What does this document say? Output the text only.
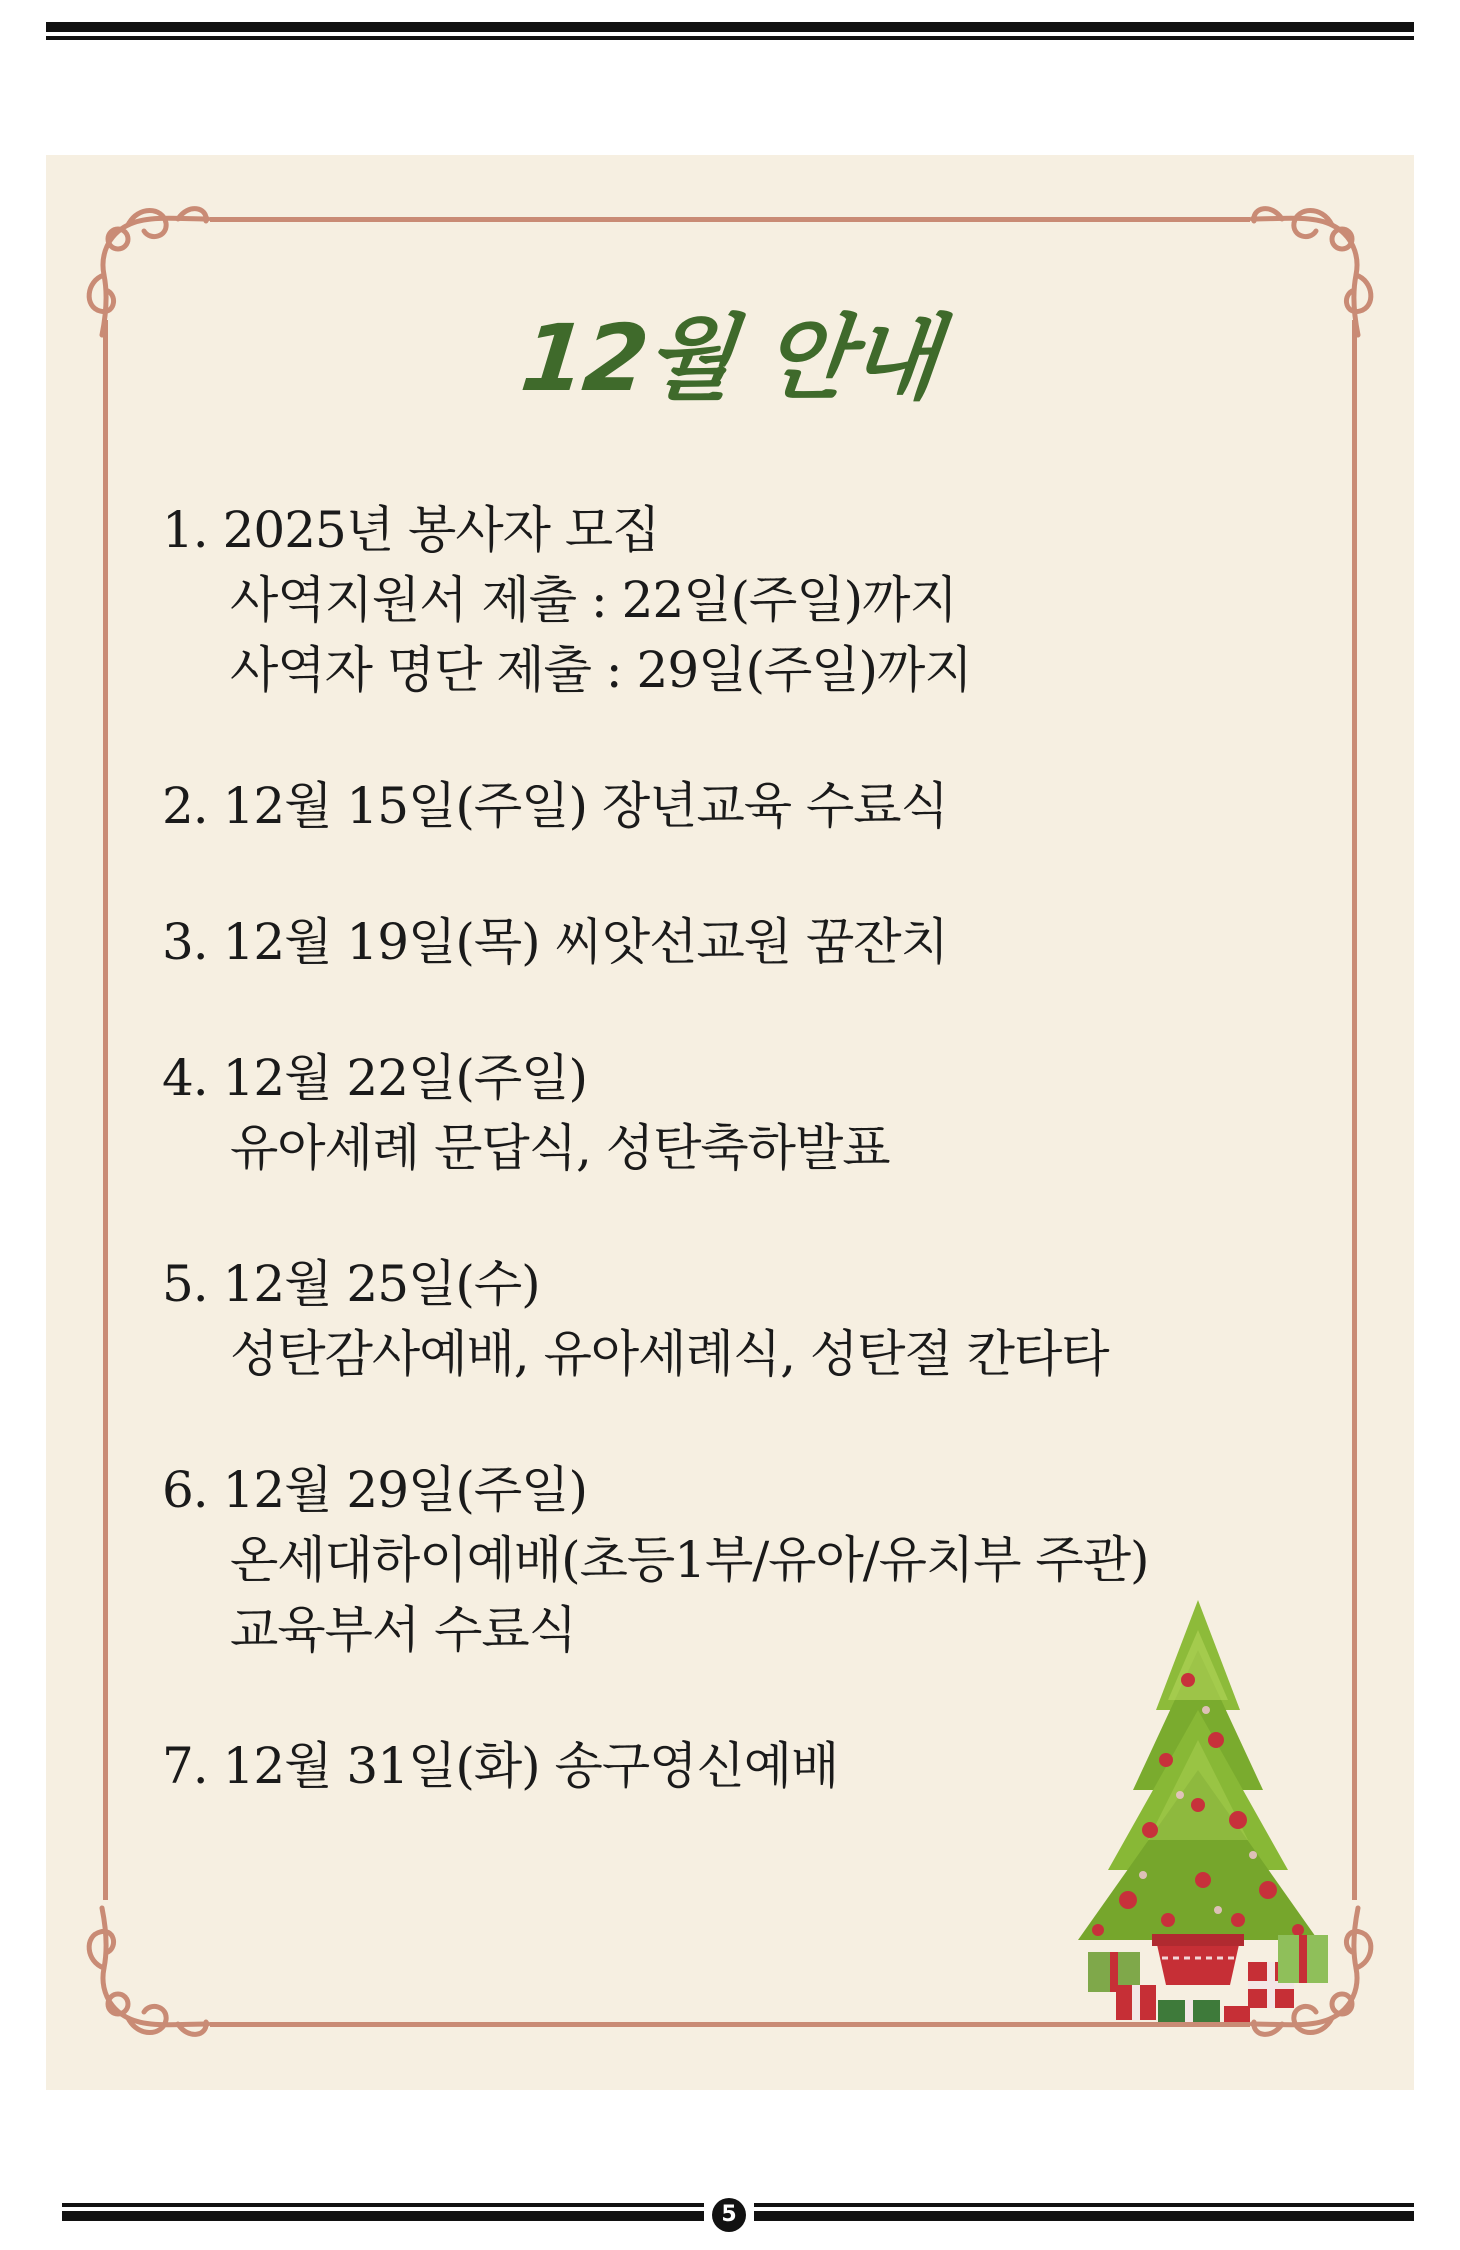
12월 안내
1. 2025년 봉사자 모집
사역지원서 제출 : 22일(주일)까지
사역자 명단 제출 : 29일(주일)까지
2. 12월 15일(주일) 장년교육 수료식
3. 12월 19일(목) 씨앗선교원 꿈잔치
4. 12월 22일(주일)
유아세례 문답식, 성탄축하발표
5. 12월 25일(수)
성탄감사예배, 유아세례식, 성탄절 칸타타
6. 12월 29일(주일)
온세대하이예배(초등1부/유아/유치부 주관)
교육부서 수료식
7. 12월 31일(화) 송구영신예배
5
